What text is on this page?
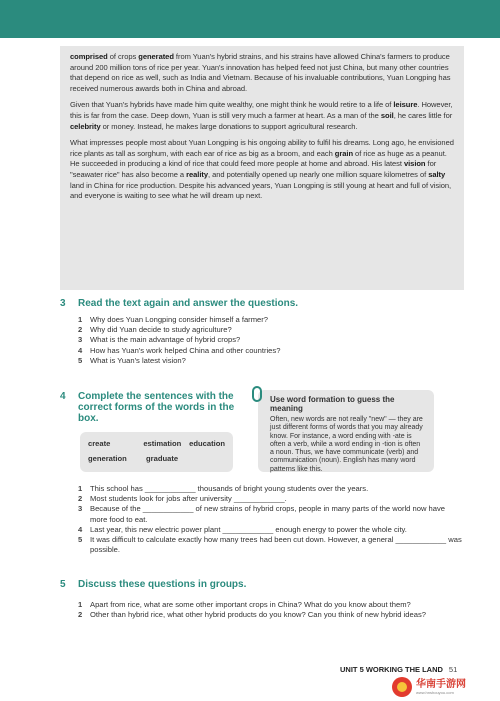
comprised of crops generated from Yuan's hybrid strains, and his strains have allowed China's farmers to produce around 200 million tons of rice per year. Yuan's innovation has helped feed not just China, but many other countries that depend on rice as well, such as India and Vietnam. Because of his invaluable contributions, Yuan Longping has received numerous awards both in China and abroad.

Given that Yuan's hybrids have made him quite wealthy, one might think he would retire to a life of leisure. However, this is far from the case. Deep down, Yuan is still very much a farmer at heart. As a man of the soil, he cares little for celebrity or money. Instead, he makes large donations to support agricultural research.

What impresses people most about Yuan Longping is his ongoing ability to fulfil his dreams. Long ago, he envisioned rice plants as tall as sorghum, with each ear of rice as big as a broom, and each grain of rice as huge as a peanut. He succeeded in producing a kind of rice that could feed more people at home and abroad. His latest vision for "seawater rice" has also become a reality, and potentially opened up nearly one million square kilometres of salty land in China for rice production. Despite his advanced years, Yuan Longping is still young at heart and full of vision, and everyone is waiting to see what he will dream up next.

3	Read the text again and answer the questions.
1	Why does Yuan Longping consider himself a farmer?
2	Why did Yuan decide to study agriculture?
3	What is the main advantage of hybrid crops?
4	How has Yuan's work helped China and other countries?
5	What is Yuan's latest vision?
4	Complete the sentences with the correct forms of the words in the box.
create	estimation	education
generation	graduate
Use word formation to guess the meaning
Often, new words are not really "new" — they are just different forms of words that you may already know. For instance, a word ending with -ate is often a verb, while a word ending in -tion is often a noun. Thus, we have communicate (verb) and communication (noun). English has many word patterns like this.
1	This school has ____________ thousands of bright young students over the years.
2	Most students look for jobs after university ____________.
3	Because of the ____________ of new strains of hybrid crops, people in many parts of the world now have more food to eat.
4	Last year, this new electric power plant ____________ enough energy to power the whole city.
5	It was difficult to calculate exactly how many trees had been cut down. However, a general ____________ was possible.
5	Discuss these questions in groups.
1	Apart from rice, what are some other important crops in China? What do you know about them?
2	Other than hybrid rice, what other hybrid products do you know? Can you think of new hybrid ideas?
UNIT 5 WORKING THE LAND 51
华南手游网
www.hnshouyou.com
